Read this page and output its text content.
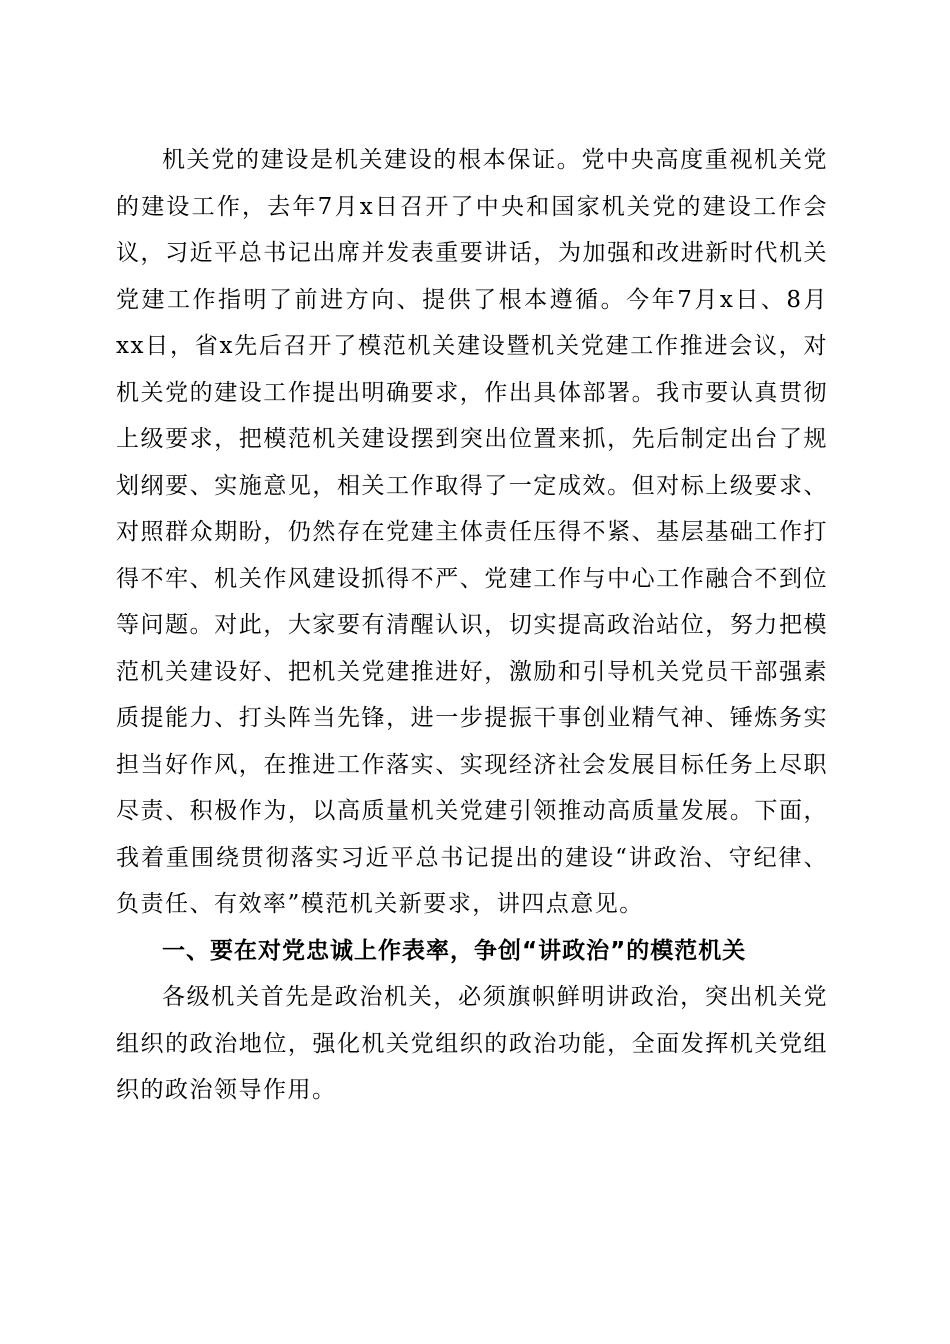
机关党的建设是机关建设的根本保证。党中央高度重视机关党的建设工作，去年7月x日召开了中央和国家机关党的建设工作会议，习近平总书记出席并发表重要讲话，为加强和改进新时代机关党建工作指明了前进方向、提供了根本遵循。今年7月x日、8月xx日，省x先后召开了模范机关建设暨机关党建工作推进会议，对机关党的建设工作提出明确要求，作出具体部署。我市要认真贯彻上级要求，把模范机关建设摆到突出位置来抓，先后制定出台了规划纲要、实施意见，相关工作取得了一定成效。但对标上级要求、对照群众期盼，仍然存在党建主体责任压得不紧、基层基础工作打得不牢、机关作风建设抓得不严、党建工作与中心工作融合不到位等问题。对此，大家要有清醒认识，切实提高政治站位，努力把模范机关建设好、把机关党建推进好，激励和引导机关党员干部强素质提能力、打头阵当先锋，进一步提振干事创业精气神、锤炼务实担当好作风，在推进工作落实、实现经济社会发展目标任务上尽职尽责、积极作为，以高质量机关党建引领推动高质量发展。下面，我着重围绕贯彻落实习近平总书记提出的建设“讲政治、守纪律、负责任、有效率”模范机关新要求，讲四点意见。

一、要在对党忠诚上作表率，争创“讲政治”的模范机关

各级机关首先是政治机关，必须旗帜鲜明讲政治，突出机关党组织的政治地位，强化机关党组织的政治功能，全面发挥机关党组织的政治领导作用。
